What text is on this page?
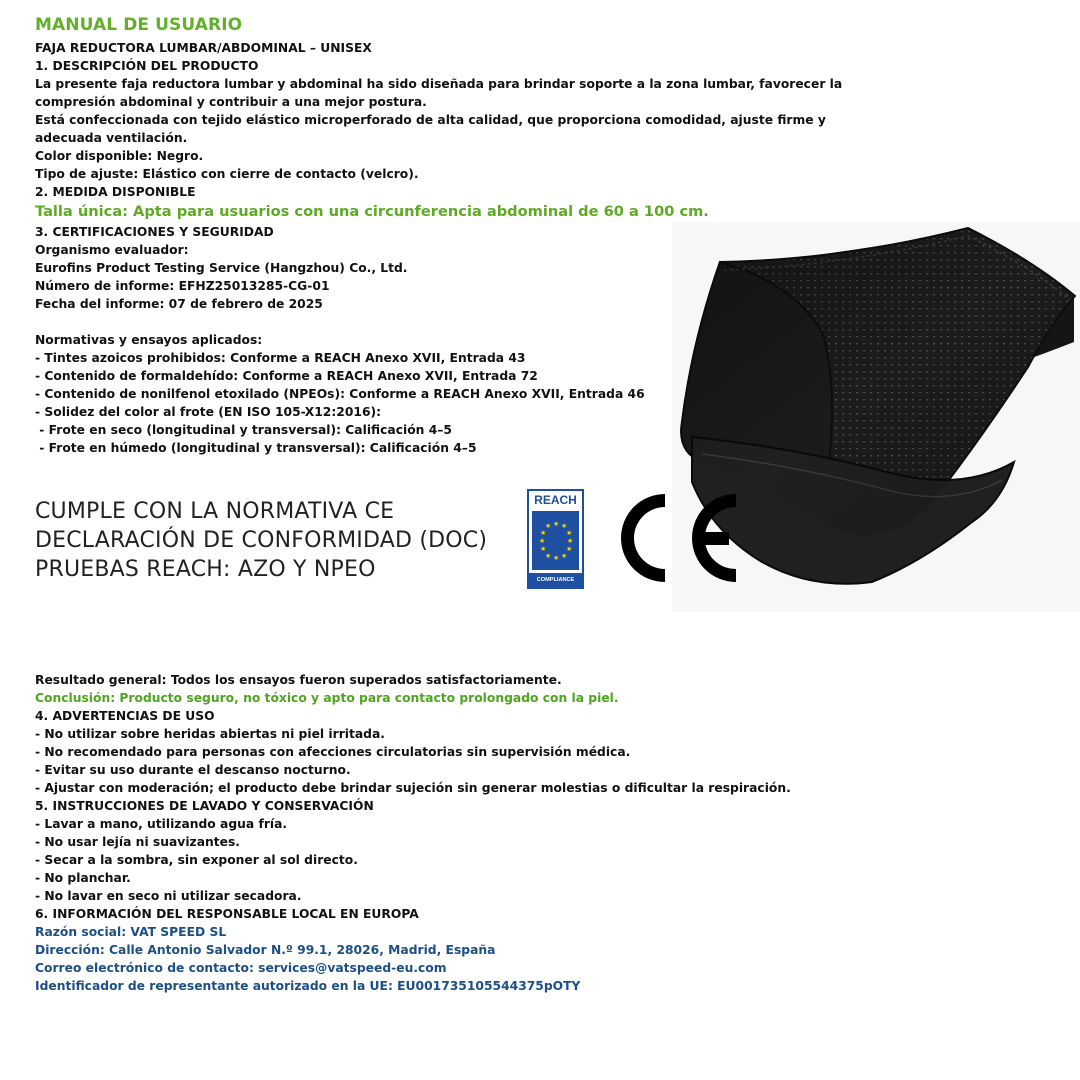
MANUAL DE USUARIO
FAJA REDUCTORA LUMBAR/ABDOMINAL – UNISEX
1. DESCRIPCIÓN DEL PRODUCTO
La presente faja reductora lumbar y abdominal ha sido diseñada para brindar soporte a la zona lumbar, favorecer la
compresión abdominal y contribuir a una mejor postura.
Está confeccionada con tejido elástico microperforado de alta calidad, que proporciona comodidad, ajuste firme y
adecuada ventilación.
Color disponible: Negro.
Tipo de ajuste: Elástico con cierre de contacto (velcro).
2. MEDIDA DISPONIBLE
Talla única: Apta para usuarios con una circunferencia abdominal de 60 a 100 cm.
3. CERTIFICACIONES Y SEGURIDAD
Organismo evaluador:
Eurofins Product Testing Service (Hangzhou) Co., Ltd.
Número de informe: EFHZ25013285-CG-01
Fecha del informe: 07 de febrero de 2025
Normativas y ensayos aplicados:
- Tintes azoicos prohibidos: Conforme a REACH Anexo XVII, Entrada 43
- Contenido de formaldehído: Conforme a REACH Anexo XVII, Entrada 72
- Contenido de nonilfenol etoxilado (NPEOs): Conforme a REACH Anexo XVII, Entrada 46
- Solidez del color al frote (EN ISO 105-X12:2016):
- Frote en seco (longitudinal y transversal): Calificación 4–5
- Frote en húmedo (longitudinal y transversal): Calificación 4–5
CUMPLE CON LA NORMATIVA CE
DECLARACIÓN DE CONFORMIDAD (DOC)
PRUEBAS REACH: AZO Y NPEO
REACH
★ ★
★
★
★
★
★
★
★
★
★
★
COMPLIANCE
Resultado general: Todos los ensayos fueron superados satisfactoriamente.
Conclusión: Producto seguro, no tóxico y apto para contacto prolongado con la piel.
4. ADVERTENCIAS DE USO
- No utilizar sobre heridas abiertas ni piel irritada.
- No recomendado para personas con afecciones circulatorias sin supervisión médica.
- Evitar su uso durante el descanso nocturno.
- Ajustar con moderación; el producto debe brindar sujeción sin generar molestias o dificultar la respiración.
5. INSTRUCCIONES DE LAVADO Y CONSERVACIÓN
- Lavar a mano, utilizando agua fría.
- No usar lejía ni suavizantes.
- Secar a la sombra, sin exponer al sol directo.
- No planchar.
- No lavar en seco ni utilizar secadora.
6. INFORMACIÓN DEL RESPONSABLE LOCAL EN EUROPA
Razón social: VAT SPEED SL
Dirección: Calle Antonio Salvador N.º 99.1, 28026, Madrid, España
Correo electrónico de contacto: services@vatspeed-eu.com
Identificador de representante autorizado en la UE: EU001735105544375pOTY
